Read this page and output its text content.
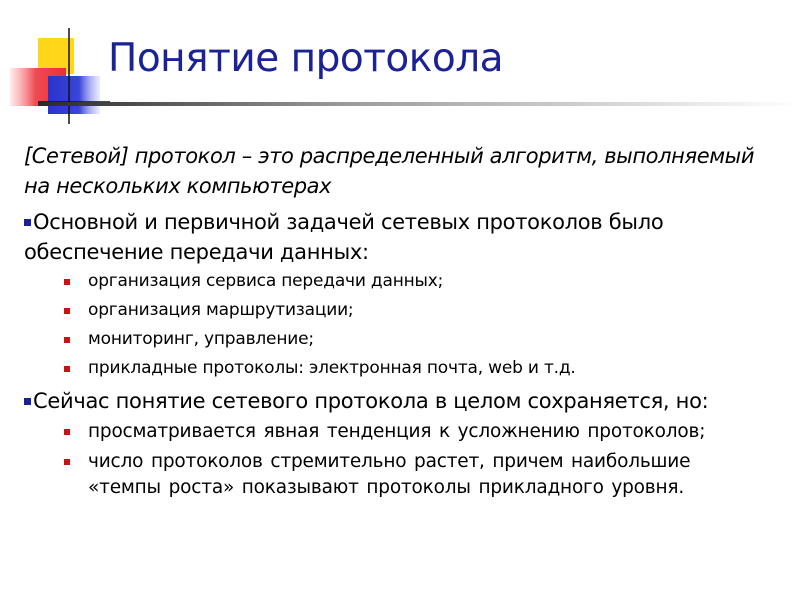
Понятие протокола

[Сетевой] протокол – это распределенный алгоритм, выполняемый на нескольких компьютерах

Основной и первичной задачей сетевых протоколов было обеспечение передачи данных:

организация сервиса передачи данных;
организация маршрутизации;
мониторинг, управление;
прикладные протоколы: электронная почта, web и т.д.

Сейчас понятие сетевого протокола в целом сохраняется, но:

просматривается явная тенденция к усложнению протоколов;
число протоколов стремительно растет, причем наибольшие «темпы роста» показывают протоколы прикладного уровня.
